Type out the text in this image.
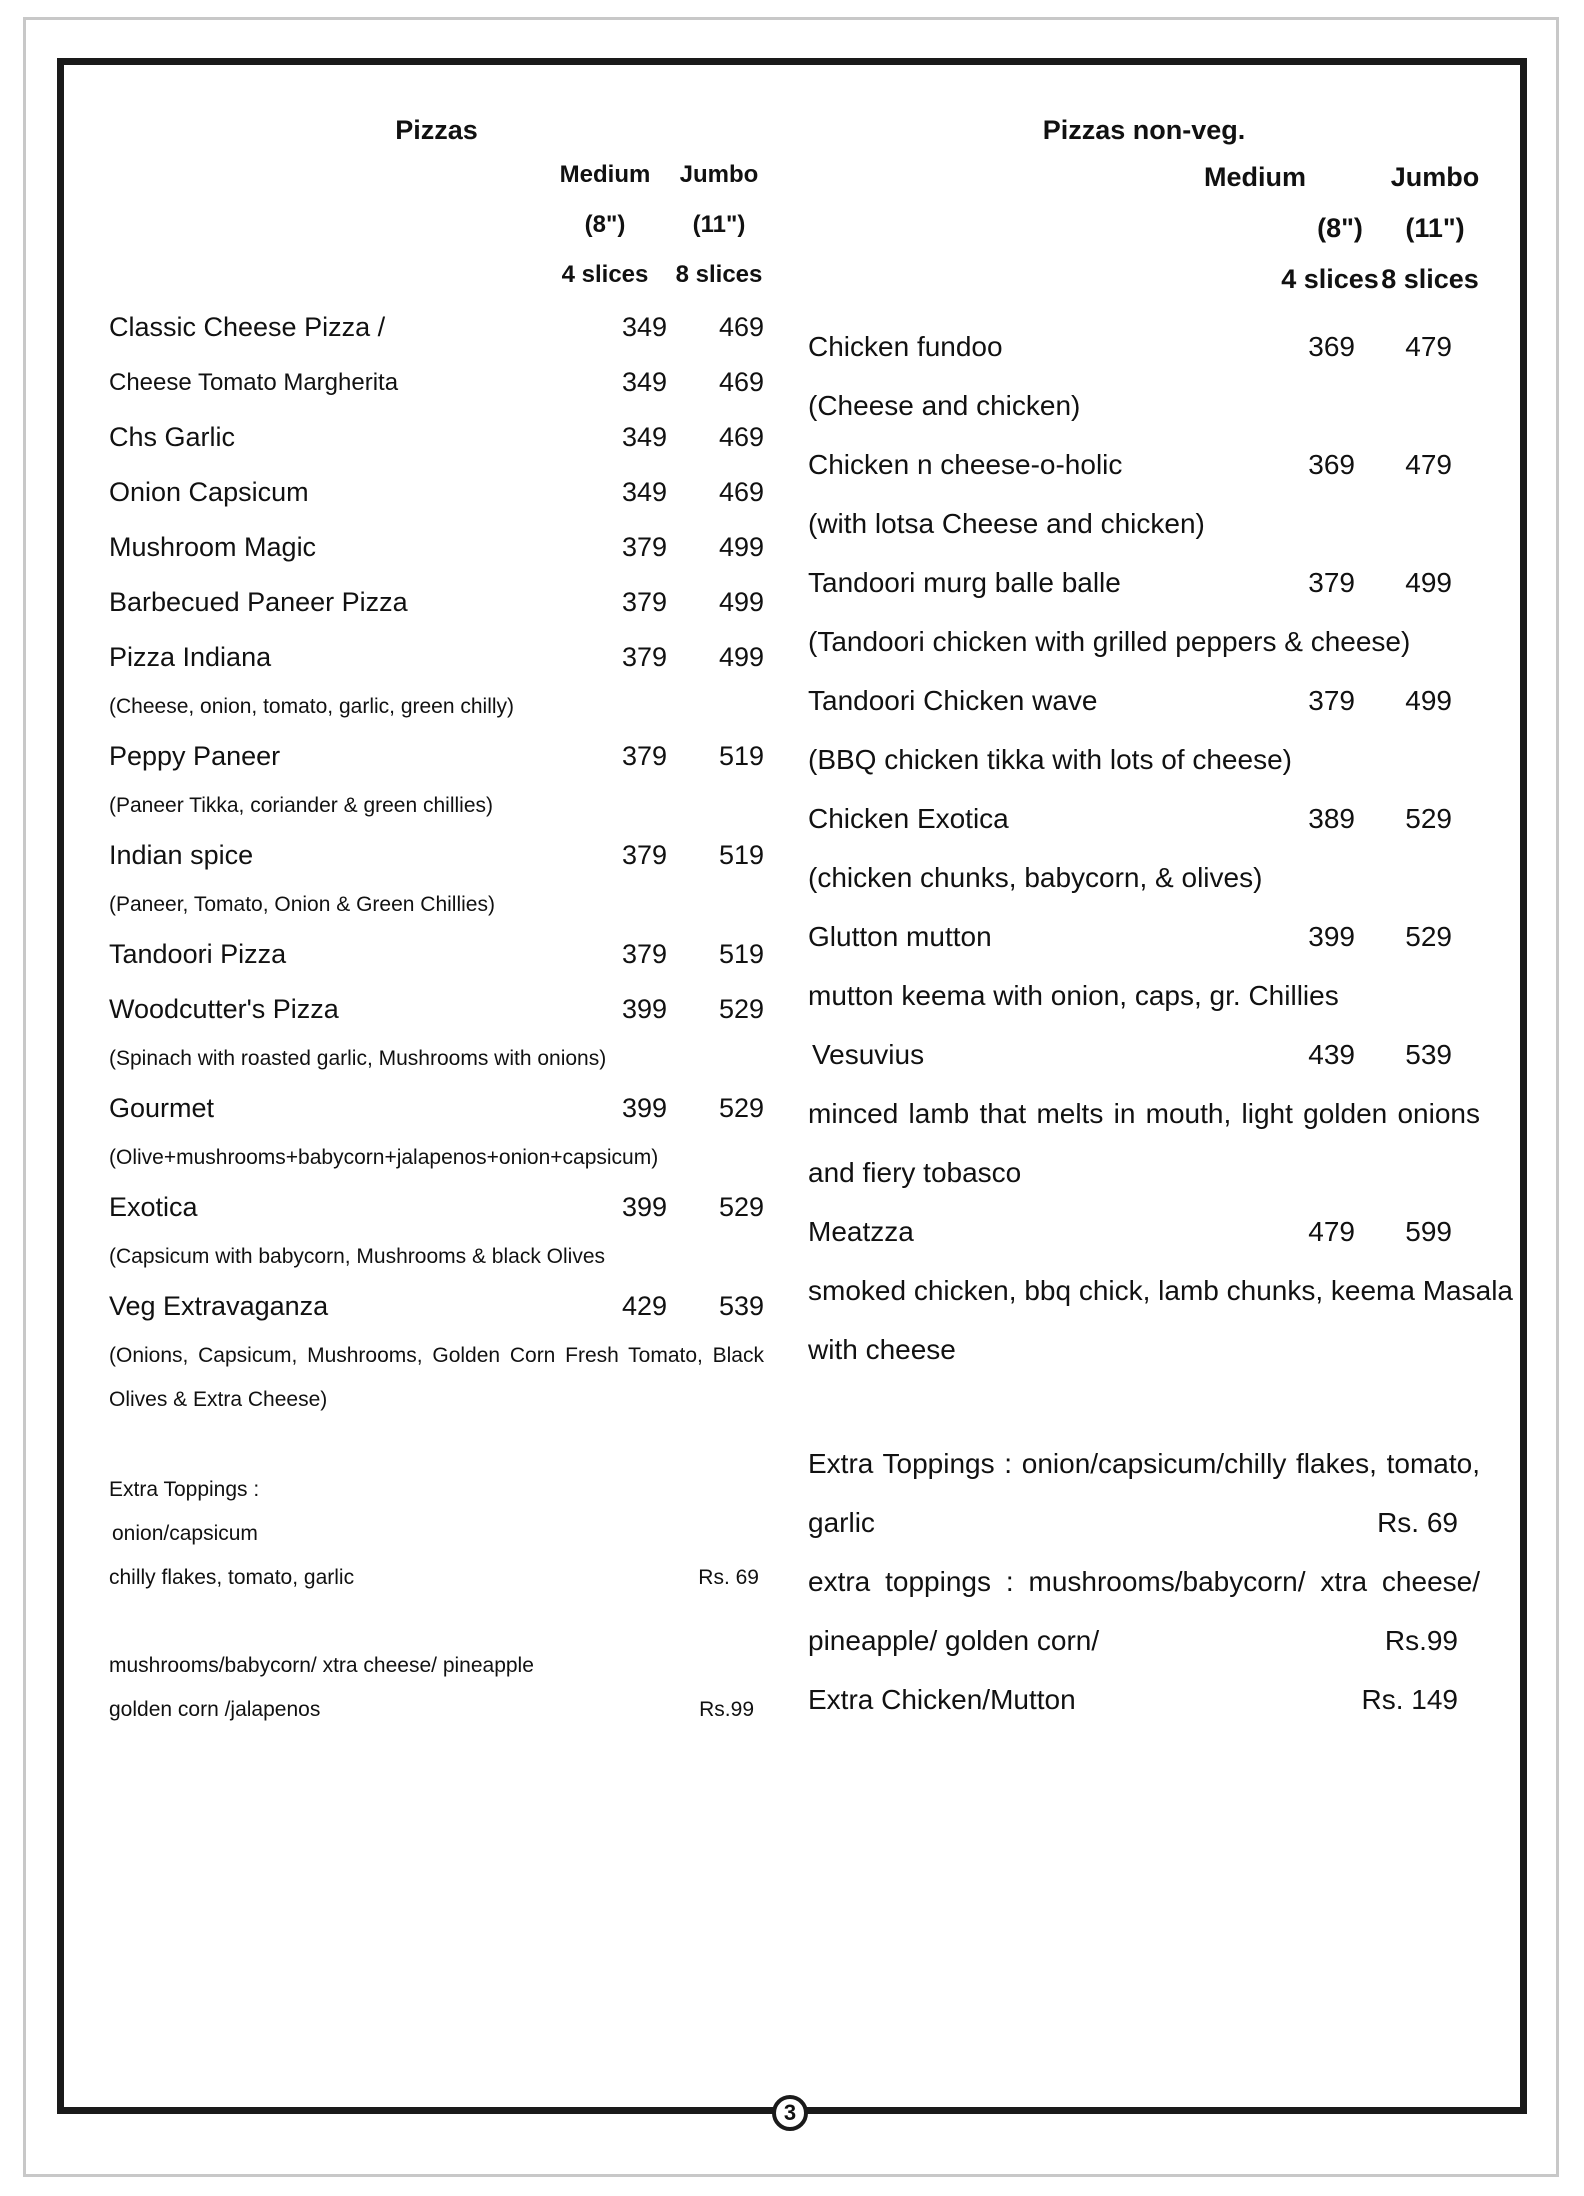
Pizzas
Medium	Jumbo
(8")	(11")
4 slices	8 slices
Classic Cheese Pizza /	349	469
Cheese Tomato Margherita	349	469
Chs Garlic	349	469
Onion Capsicum	349	469
Mushroom Magic	379	499
Barbecued Paneer Pizza	379	499
Pizza Indiana	379	499
(Cheese, onion, tomato, garlic, green chilly)
Peppy Paneer	379	519
(Paneer Tikka, coriander & green chillies)
Indian spice	379	519
(Paneer, Tomato, Onion & Green Chillies)
Tandoori Pizza	379	519
Woodcutter's Pizza	399	529
(Spinach with roasted garlic, Mushrooms with onions)
Gourmet	399	529
(Olive+mushrooms+babycorn+jalapenos+onion+capsicum)
Exotica	399	529
(Capsicum with babycorn, Mushrooms & black Olives
Veg Extravaganza	429	539
(Onions, Capsicum, Mushrooms, Golden Corn Fresh Tomato, Black
Olives & Extra Cheese)
Extra Toppings :
onion/capsicum
chilly flakes, tomato, garlic	Rs. 69
mushrooms/babycorn/ xtra cheese/ pineapple
golden corn /jalapenos	Rs.99
Pizzas non-veg.
Medium	Jumbo
(8")	(11")
4 slices 8 slices
Chicken fundoo	369	479
(Cheese and chicken)
Chicken n cheese-o-holic	369	479
(with lotsa Cheese and chicken)
Tandoori murg balle balle	379	499
(Tandoori chicken with grilled peppers & cheese)
Tandoori Chicken wave	379	499
(BBQ chicken tikka with lots of cheese)
Chicken Exotica	389	529
(chicken chunks, babycorn, & olives)
Glutton mutton	399	529
mutton keema with onion, caps, gr. Chillies
Vesuvius	439	539
minced lamb that melts in mouth, light golden onions
and fiery tobasco
Meatzza	479	599
smoked chicken, bbq chick, lamb chunks, keema Masala
with cheese
Extra Toppings : onion/capsicum/chilly flakes, tomato,
garlic	Rs. 69
extra toppings : mushrooms/babycorn/ xtra cheese/
pineapple/ golden corn/	Rs.99
Extra Chicken/Mutton	Rs. 149
3
